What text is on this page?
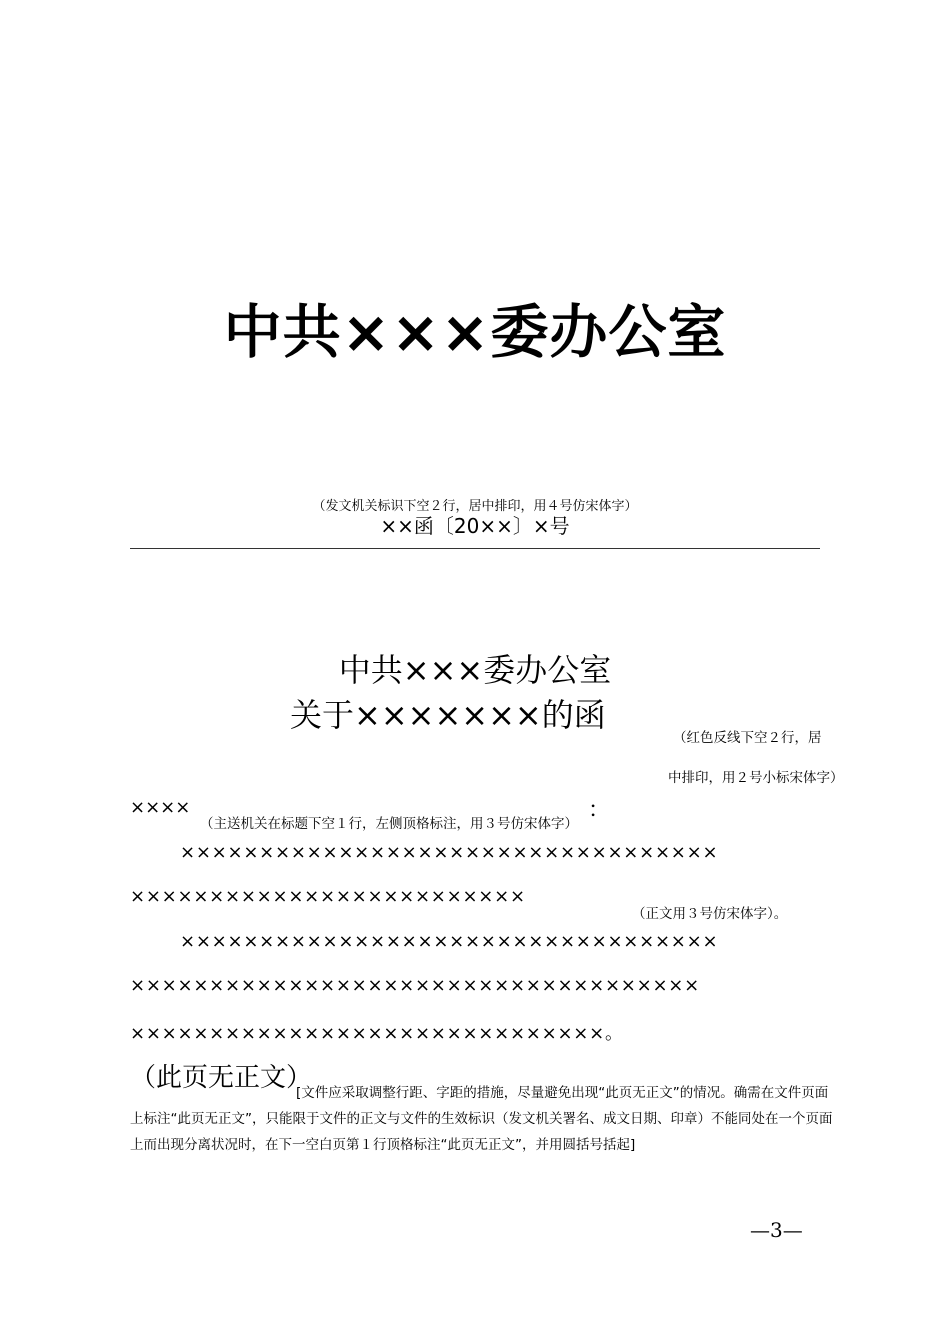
中共×××委办公室
（发文机关标识下空２行，居中排印，用４号仿宋体字）
××函〔20××〕×号
中共×××委办公室
关于×××××××的函
（红色反线下空２行，居
中排印，用２号小标宋体字）
××××
（主送机关在标题下空１行，左侧顶格标注，用３号仿宋体字）
：
××××××××××××××××××××××××××××××××××
×××××××××××××××××××××××××
（正文用３号仿宋体字）。
××××××××××××××××××××××××××××××××××
××××××××××××××××××××××××××××××××××××
××××××××××××××××××××××××××××××。
（此页无正文）
[文件应采取调整行距、字距的措施，尽量避免出现“此页无正文”的情况。确需在文件页面上标注“此页无正文”，只能限于文件的正文与文件的生效标识（发文机关署名、成文日期、印章）不能同处在一个页面上而出现分离状况时，在下一空白页第１行顶格标注“此页无正文”，并用圆括号括起]
—3—
